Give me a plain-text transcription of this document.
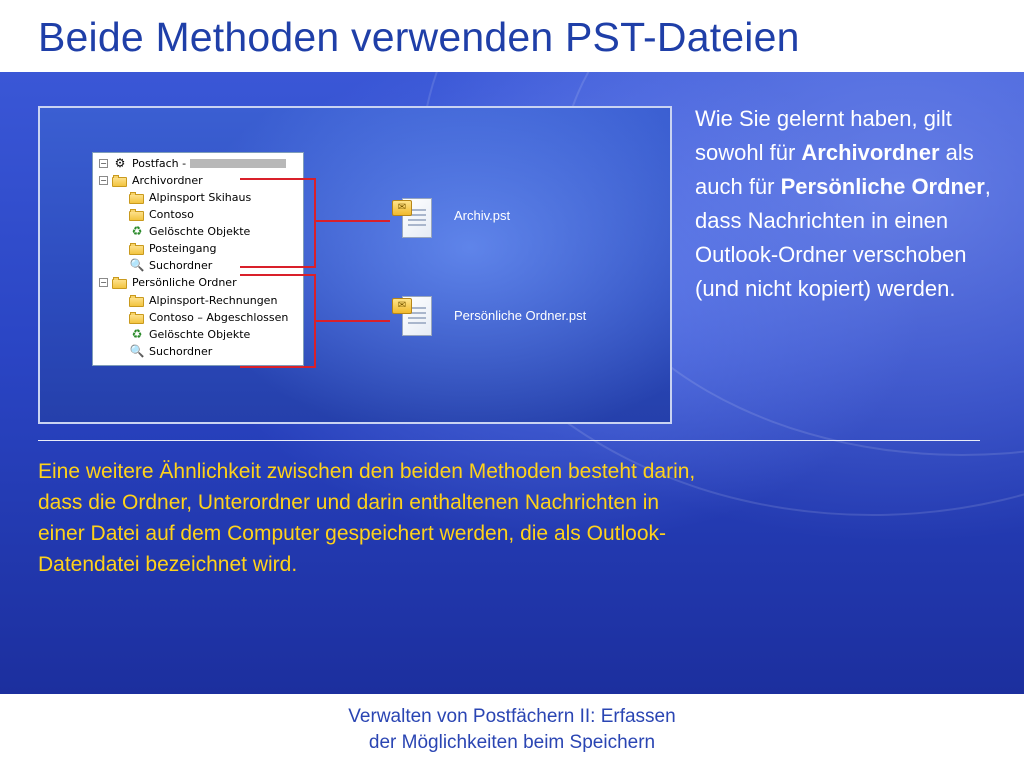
Beide Methoden verwenden PST-Dateien
− ⚙ Postfach -
− Archivordner
Alpinsport Skihaus
Contoso
♻ Gelöschte Objekte
Posteingang
🔍 Suchordner
− Persönliche Ordner
Alpinsport-Rechnungen
Contoso – Abgeschlossen
♻ Gelöschte Objekte
🔍 Suchordner
✉
Archiv.pst
✉
Persönliche Ordner.pst
Wie Sie gelernt haben, gilt sowohl für Archivordner als auch für Persönliche Ordner, dass Nachrichten in einen Outlook-Ordner verschoben (und nicht kopiert) werden.
Eine weitere Ähnlichkeit zwischen den beiden Methoden besteht darin, dass die Ordner, Unterordner und darin enthaltenen Nachrichten in einer Datei auf dem Computer gespeichert werden, die als Outlook-Datendatei bezeichnet wird.
Verwalten von Postfächern II: Erfassen
der Möglichkeiten beim Speichern
